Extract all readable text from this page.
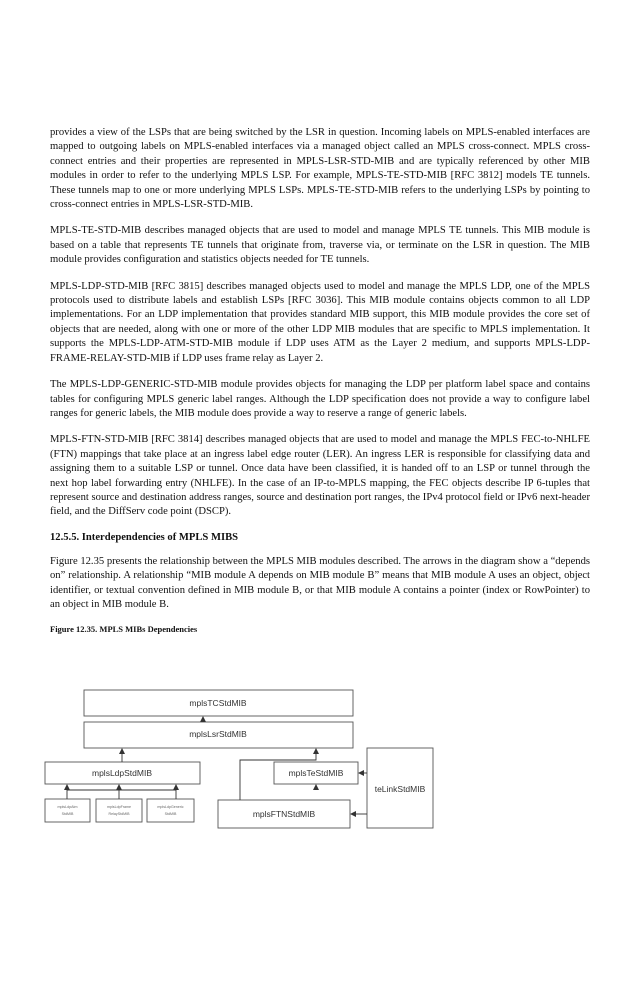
provides a view of the LSPs that are being switched by the LSR in question. Incoming labels on MPLS-enabled interfaces are mapped to outgoing labels on MPLS-enabled interfaces via a managed object called an MPLS cross-connect. MPLS cross-connect entries and their properties are represented in MPLS-LSR-STD-MIB and are typically referenced by other MIB modules in order to refer to the underlying MPLS LSP. For example, MPLS-TE-STD-MIB [RFC 3812] models TE tunnels. These tunnels map to one or more underlying MPLS LSPs. MPLS-TE-STD-MIB refers to the underlying LSPs by pointing to cross-connect entries in MPLS-LSR-STD-MIB.

MPLS-TE-STD-MIB describes managed objects that are used to model and manage MPLS TE tunnels. This MIB module is based on a table that represents TE tunnels that originate from, traverse via, or terminate on the LSR in question. The MIB module provides configuration and statistics objects needed for TE tunnels.

MPLS-LDP-STD-MIB [RFC 3815] describes managed objects used to model and manage the MPLS LDP, one of the MPLS protocols used to distribute labels and establish LSPs [RFC 3036]. This MIB module contains objects common to all LDP implementations. For an LDP implementation that provides standard MIB support, this MIB module provides the core set of objects that are needed, along with one or more of the other LDP MIB modules that are specific to MPLS implementation. It supports the MPLS-LDP-ATM-STD-MIB module if LDP uses ATM as the Layer 2 medium, and supports MPLS-LDP-FRAME-RELAY-STD-MIB if LDP uses frame relay as Layer 2.

The MPLS-LDP-GENERIC-STD-MIB module provides objects for managing the LDP per platform label space and contains tables for configuring MPLS generic label ranges. Although the LDP specification does not provide a way to configure label ranges for generic labels, the MIB module does provide a way to reserve a range of generic labels.

MPLS-FTN-STD-MIB [RFC 3814] describes managed objects that are used to model and manage the MPLS FEC-to-NHLFE (FTN) mappings that take place at an ingress label edge router (LER). An ingress LER is responsible for classifying data and assigning them to a suitable LSP or tunnel. Once data have been classified, it is handed off to an LSP or tunnel through the next hop label forwarding entry (NHLFE). In the case of an IP-to-MPLS mapping, the FEC objects describe IP 6-tuples that represent source and destination address ranges, source and destination port ranges, the IPv4 protocol field or IPv6 next-header field, and the DiffServ code point (DSCP).

12.5.5. Interdependencies of MPLS MIBS

Figure 12.35 presents the relationship between the MPLS MIB modules described. The arrows in the diagram show a “depends on” relationship. A relationship “MIB module A depends on MIB module B” means that MIB module A uses an object, object identifier, or textual convention defined in MIB module B, or that MIB module A contains a pointer (index or RowPointer) to an object in MIB module B.

Figure 12.35. MPLS MIBs Dependencies
mplsTCStdMIB
mplsLsrStdMIB
mplsLdpStdMIB	mplsTeStdMIB
teLinkStdMIB
mplsFTNStdMIB
mplsLdpAtm
StdMIB
mplsLdpFrame
RelayStdMIB
mplsLdpGeneric
StdMIB
